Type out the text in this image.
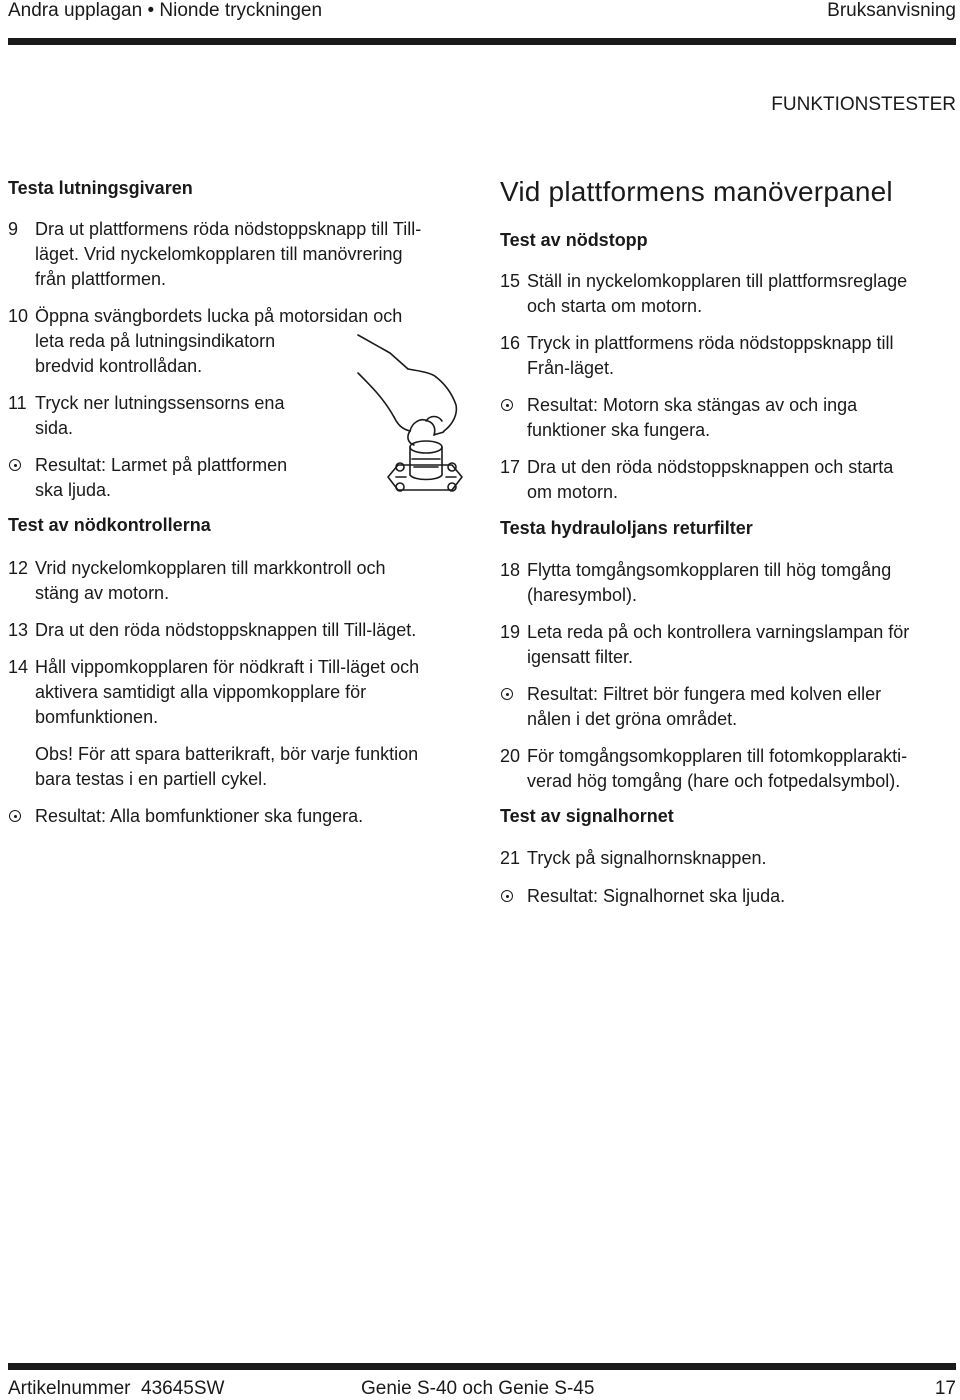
Andra upplagan • Nionde tryckningen	Bruksanvisning
FUNKTIONSTESTER
Testa lutningsgivaren
9 Dra ut plattformens röda nödstoppsknapp till Till-
läget. Vrid nyckelomkopplaren till manövrering
från plattformen.
10 Öppna svängbordets lucka på motorsidan och
leta reda på lutningsindikatorn
bredvid kontrollådan.
11 Tryck ner lutningssensorns ena
sida.
Resultat: Larmet på plattformen
ska ljuda.
Test av nödkontrollerna
12 Vrid nyckelomkopplaren till markkontroll och
stäng av motorn.
13 Dra ut den röda nödstoppsknappen till Till-läget.
14 Håll vippomkopplaren för nödkraft i Till-läget och
aktivera samtidigt alla vippomkopplare för
bomfunktionen.
Obs! För att spara batterikraft, bör varje funktion
bara testas i en partiell cykel.
Resultat: Alla bomfunktioner ska fungera.
Vid plattformens manöverpanel
Test av nödstopp
15 Ställ in nyckelomkopplaren till plattformsreglage
och starta om motorn.
16 Tryck in plattformens röda nödstoppsknapp till
Från-läget.
Resultat: Motorn ska stängas av och inga
funktioner ska fungera.
17 Dra ut den röda nödstoppsknappen och starta
om motorn.
Testa hydrauloljans returfilter
18 Flytta tomgångsomkopplaren till hög tomgång
(haresymbol).
19 Leta reda på och kontrollera varningslampan för
igensatt filter.
Resultat: Filtret bör fungera med kolven eller
nålen i det gröna området.
20 För tomgångsomkopplaren till fotomkopplarakti-
verad hög tomgång (hare och fotpedalsymbol).
Test av signalhornet
21 Tryck på signalhornsknappen.
Resultat: Signalhornet ska ljuda.
Artikelnummer  43645SW	Genie S-40 och Genie S-45	17
